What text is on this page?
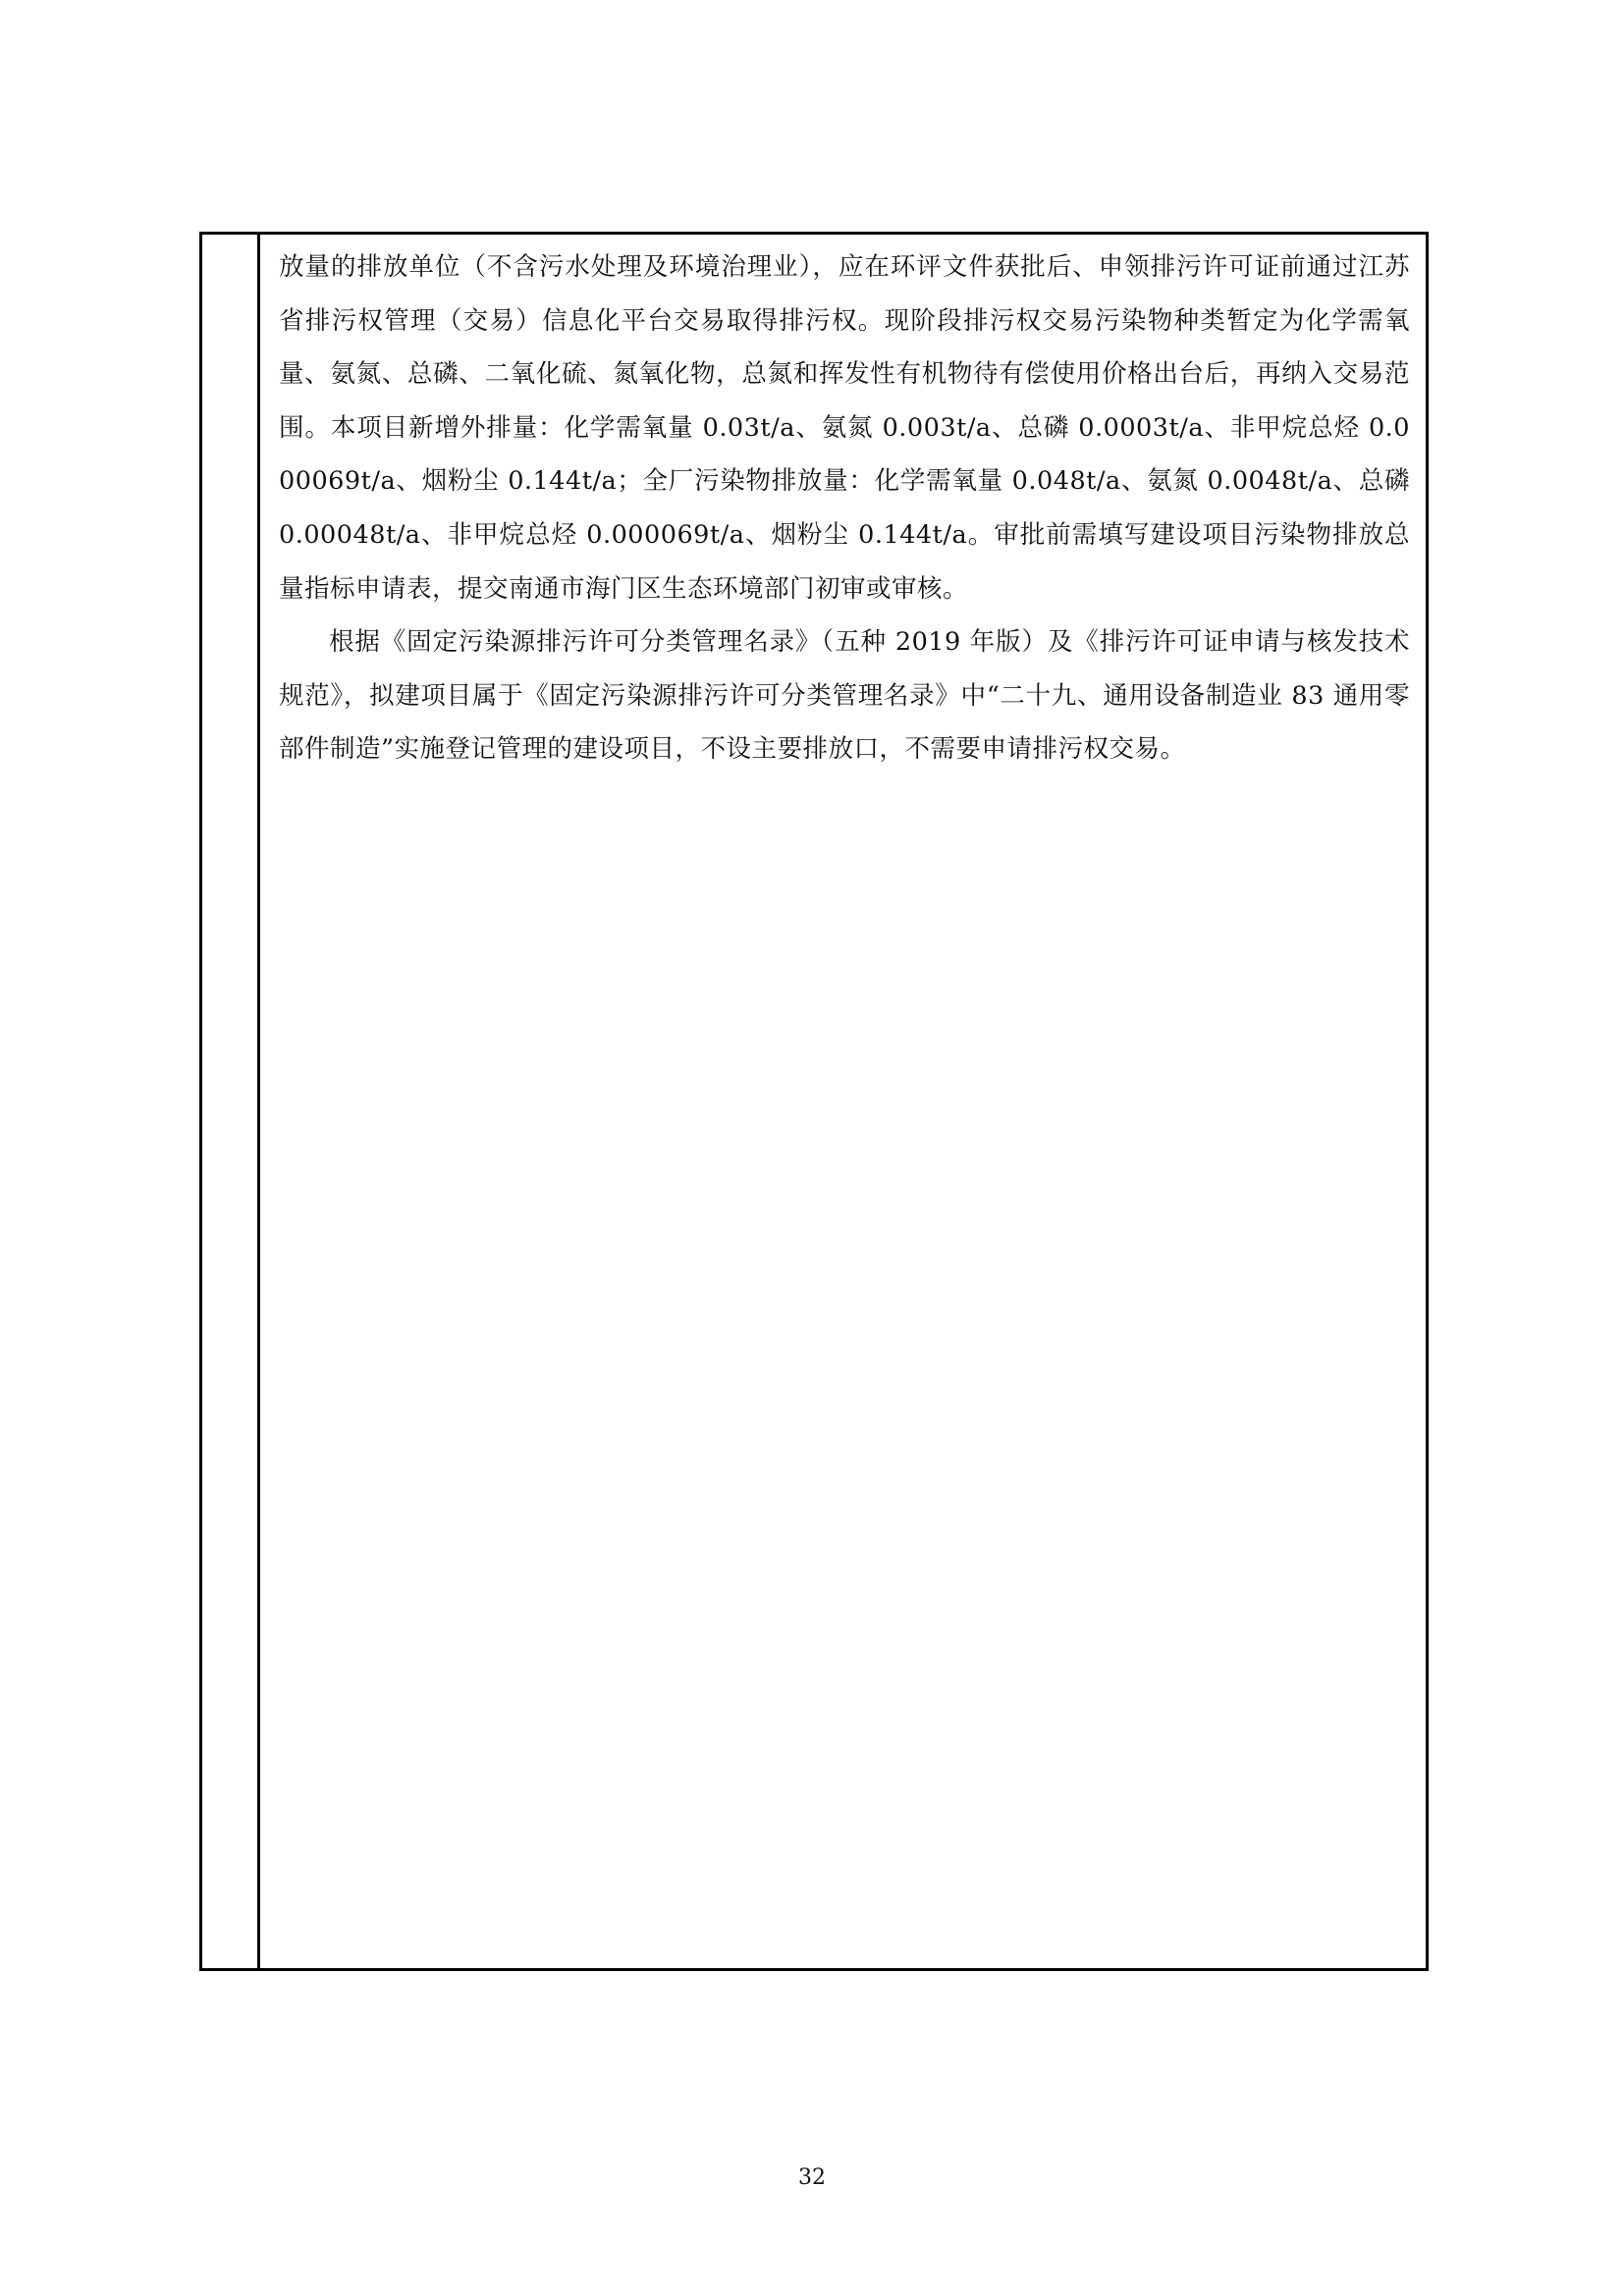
放量的排放单位（不含污水处理及环境治理业），应在环评文件获批后、申领排污许可证前通过江苏省排污权管理（交易）信息化平台交易取得排污权。现阶段排污权交易污染物种类暂定为化学需氧量、氨氮、总磷、二氧化硫、氮氧化物，总氮和挥发性有机物待有偿使用价格出台后，再纳入交易范围。本项目新增外排量：化学需氧量 0.03t/a、氨氮 0.003t/a、总磷 0.0003t/a、非甲烷总烃 0.000069t/a、烟粉尘 0.144t/a；全厂污染物排放量：化学需氧量 0.048t/a、氨氮 0.0048t/a、总磷 0.00048t/a、非甲烷总烃 0.000069t/a、烟粉尘 0.144t/a。审批前需填写建设项目污染物排放总量指标申请表，提交南通市海门区生态环境部门初审或审核。

根据《固定污染源排污许可分类管理名录》（五种 2019 年版）及《排污许可证申请与核发技术规范》，拟建项目属于《固定污染源排污许可分类管理名录》中“二十九、通用设备制造业 83 通用零部件制造”实施登记管理的建设项目，不设主要排放口，不需要申请排污权交易。

32
